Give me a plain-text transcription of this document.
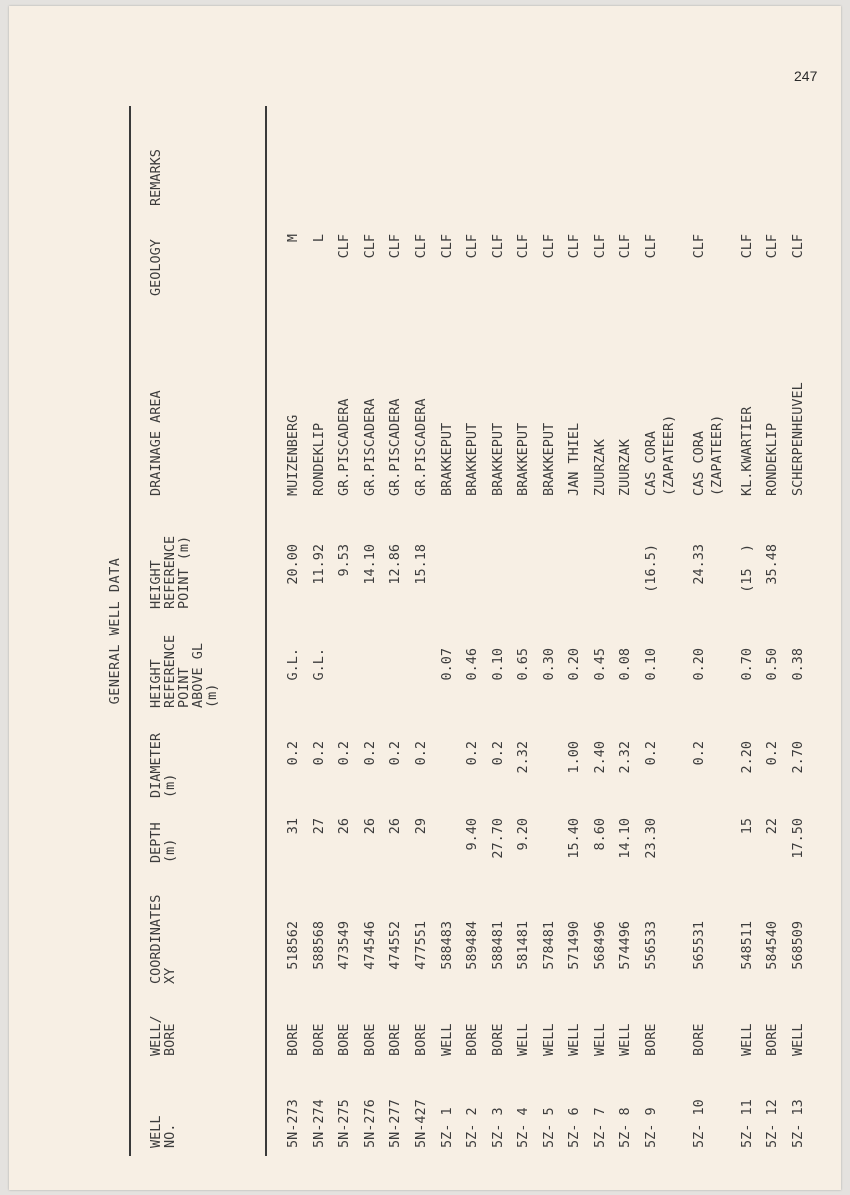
247
GENERAL WELL DATA
WELL
NO.
WELL/
BORE
COORDINATES
XY
DEPTH
(m)
DIAMETER
(m)
HEIGHT
REFERENCE
POINT
ABOVE GL
(m)
HEIGHT
REFERENCE
POINT (m)
DRAINAGE AREA
GEOLOGY
REMARKS
5N-273
BORE
518562
31
0.2
G.L.
20.00
MUIZENBERG
M
5N-274
BORE
588568
27
0.2
G.L.
11.92
RONDEKLIP
L
5N-275
BORE
473549
26
0.2
9.53
GR.PISCADERA
CLF
5N-276
BORE
474546
26
0.2
14.10
GR.PISCADERA
CLF
5N-277
BORE
474552
26
0.2
12.86
GR.PISCADERA
CLF
5N-427
BORE
477551
29
0.2
15.18
GR.PISCADERA
CLF
5Z- 1
WELL
588483
0.07
BRAKKEPUT
CLF
5Z- 2
BORE
589484
9.40
0.2
0.46
BRAKKEPUT
CLF
5Z- 3
BORE
588481
27.70
0.2
0.10
BRAKKEPUT
CLF
5Z- 4
WELL
581481
9.20
2.32
0.65
BRAKKEPUT
CLF
5Z- 5
WELL
578481
0.30
BRAKKEPUT
CLF
5Z- 6
WELL
571490
15.40
1.00
0.20
JAN THIEL
CLF
5Z- 7
WELL
568496
8.60
2.40
0.45
ZUURZAK
CLF
5Z- 8
WELL
574496
14.10
2.32
0.08
ZUURZAK
CLF
5Z- 9
BORE
556533
23.30
0.2
0.10
(16.5)
CAS CORA
(ZAPATEER)
CLF
5Z- 10
BORE
565531
0.2
0.20
24.33
CAS CORA
(ZAPATEER)
CLF
5Z- 11
WELL
548511
15
2.20
0.70
(15  )
KL.KWARTIER
CLF
5Z- 12
BORE
584540
22
0.2
0.50
35.48
RONDEKLIP
CLF
5Z- 13
WELL
568509
17.50
2.70
0.38
SCHERPENHEUVEL
CLF
